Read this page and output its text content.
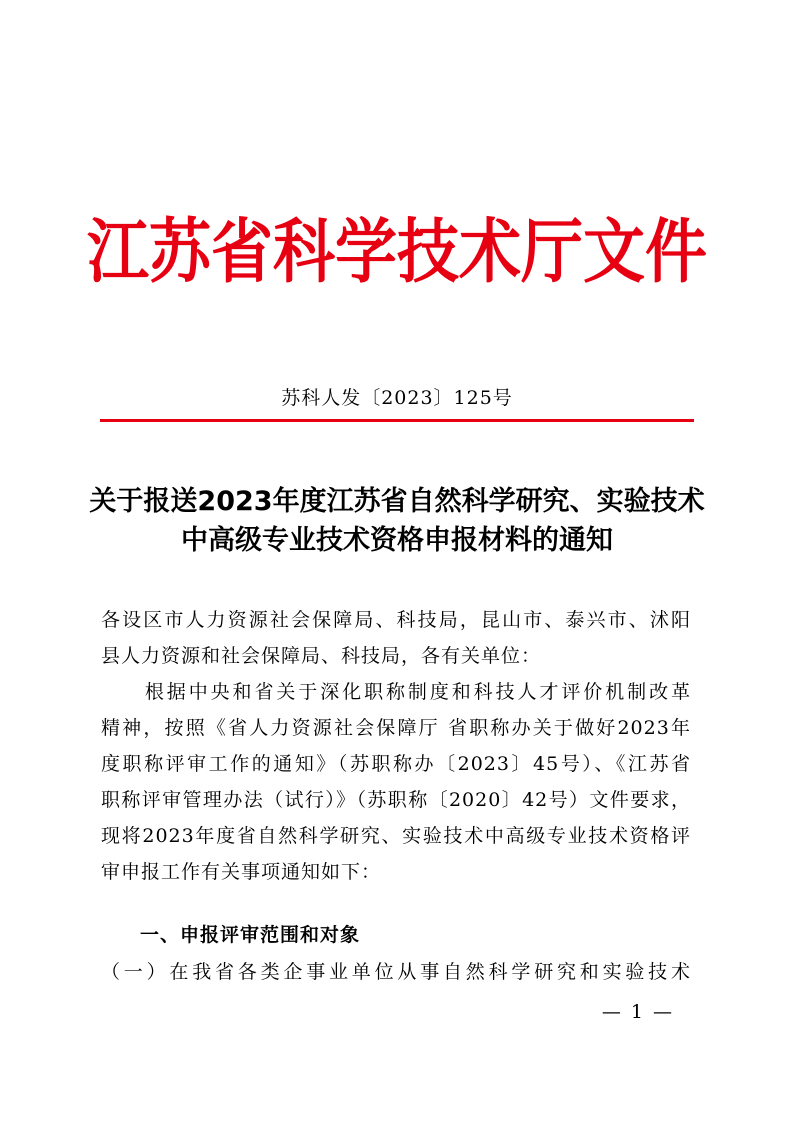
江苏省科学技术厅文件
苏科人发〔2023〕125号
关于报送2023年度江苏省自然科学研究、实验技术
中高级专业技术资格申报材料的通知
各设区市人力资源社会保障局、科技局，昆山市、泰兴市、沭阳
县人力资源和社会保障局、科技局，各有关单位：
　　根据中央和省关于深化职称制度和科技人才评价机制改革
精神，按照《省人力资源社会保障厅 省职称办关于做好2023年
度职称评审工作的通知》（苏职称办〔2023〕45号）、《江苏省
职称评审管理办法（试行）》（苏职称〔2020〕42号）文件要求，
现将2023年度省自然科学研究、实验技术中高级专业技术资格评
审申报工作有关事项通知如下：
一、申报评审范围和对象
（一）在我省各类企事业单位从事自然科学研究和实验技术
— 1 —
